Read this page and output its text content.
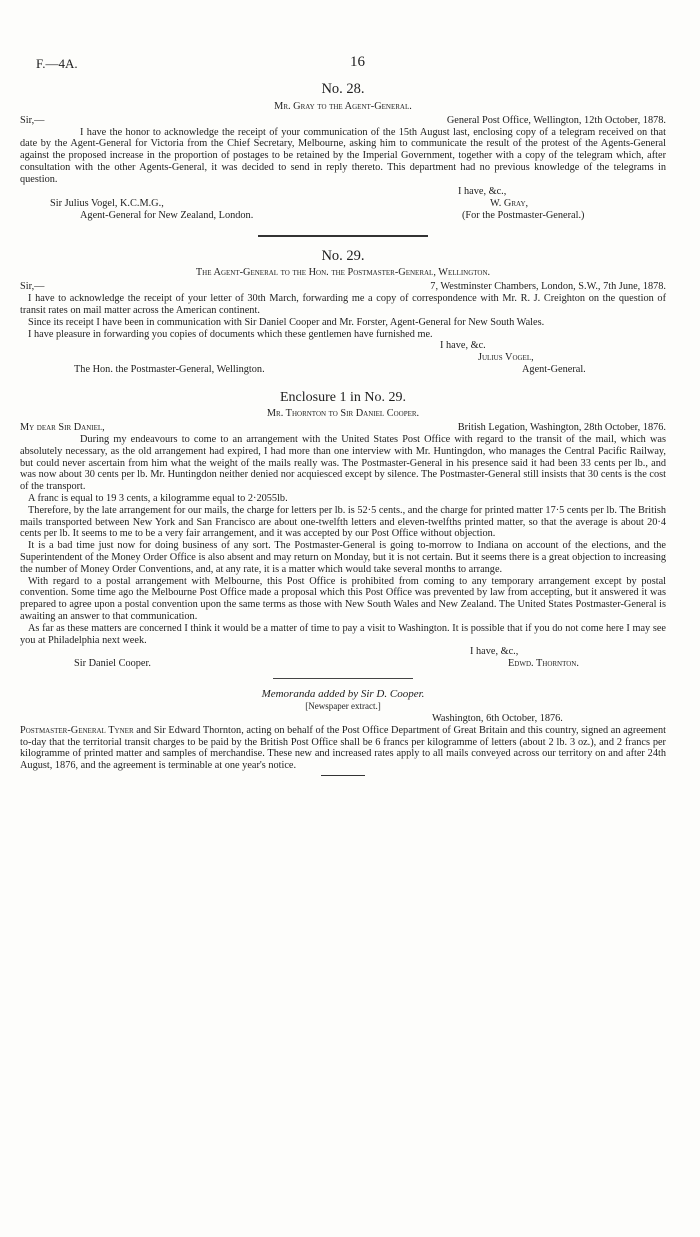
F.—4A.	16
No. 28.
Mr. Gray to the Agent-General.
Sir,—	General Post Office, Wellington, 12th October, 1878.

I have the honor to acknowledge the receipt of your communication of the 15th August last, enclosing copy of a telegram received on that date by the Agent-General for Victoria from the Chief Secretary, Melbourne, asking him to communicate the result of the protest of the Agents-General against the proposed increase in the proportion of postages to be retained by the Imperial Government, together with a copy of the telegram which, after consultation with the other Agents-General, it was decided to send in reply thereto. This department had no previous knowledge of the telegrams in question.

I have, &c.,
Sir Julius Vogel, K.C.M.G.,	W. Gray,
Agent-General for New Zealand, London.	(For the Postmaster-General.)
No. 29.
The Agent-General to the Hon. the Postmaster-General, Wellington.
Sir,—	7, Westminster Chambers, London, S.W., 7th June, 1878.

I have to acknowledge the receipt of your letter of 30th March, forwarding me a copy of correspondence with Mr. R. J. Creighton on the question of transit rates on mail matter across the American continent.

Since its receipt I have been in communication with Sir Daniel Cooper and Mr. Forster, Agent-General for New South Wales.

I have pleasure in forwarding you copies of documents which these gentlemen have furnished me.

I have, &c.
Julius Vogel,
The Hon. the Postmaster-General, Wellington.	Agent-General.
Enclosure 1 in No. 29.
Mr. Thornton to Sir Daniel Cooper.
My dear Sir Daniel,	British Legation, Washington, 28th October, 1876.

During my endeavours to come to an arrangement with the United States Post Office with regard to the transit of the mail, which was absolutely necessary, as the old arrangement had expired, I had more than one interview with Mr. Huntingdon, who manages the Central Pacific Railway, but could never ascertain from him what the weight of the mails really was. The Postmaster-General in his presence said it had been 33 cents per lb., and was now about 30 cents per lb. Mr. Huntingdon neither denied nor acquiesced except by silence. The Postmaster-General still insists that 30 cents is the cost of the transport.

A franc is equal to 19 3 cents, a kilogramme equal to 2·2055lb.

Therefore, by the late arrangement for our mails, the charge for letters per lb. is 52·5 cents., and the charge for printed matter 17·5 cents per lb. The British mails transported between New York and San Francisco are about one-twelfth letters and eleven-twelfths printed matter, so that the average is about 20·4 cents per lb. It seems to me to be a very fair arrangement, and it was accepted by our Post Office without objection.

It is a bad time just now for doing business of any sort. The Postmaster-General is going to-morrow to Indiana on account of the elections, and the Superintendent of the Money Order Office is also absent and may return on Monday, but it is not certain. But it seems there is a great objection to increasing the number of Money Order Conventions, and, at any rate, it is a matter which would take several months to arrange.

With regard to a postal arrangement with Melbourne, this Post Office is prohibited from coming to any temporary arrangement except by postal convention. Some time ago the Melbourne Post Office made a proposal which this Post Office was prevented by law from accepting, but it answered it was prepared to agree upon a postal convention upon the same terms as those with New South Wales and New Zealand. The United States Postmaster-General is awaiting an answer to that communication.

As far as these matters are concerned I think it would be a matter of time to pay a visit to Washington. It is possible that if you do not come here I may see you at Philadelphia next week.

I have, &c.,
Sir Daniel Cooper.	Edwd. Thornton.
Memoranda added by Sir D. Cooper.
[Newspaper extract.]
Washington, 6th October, 1876.

Postmaster-General Tyner and Sir Edward Thornton, acting on behalf of the Post Office Department of Great Britain and this country, signed an agreement to-day that the territorial transit charges to be paid by the British Post Office shall be 6 francs per kilogramme of letters (about 2 lb. 3 oz.), and 2 francs per kilogramme of printed matter and samples of merchandise. These new and increased rates apply to all mails conveyed across our territory on and after 24th August, 1876, and the agreement is terminable at one year's notice.
